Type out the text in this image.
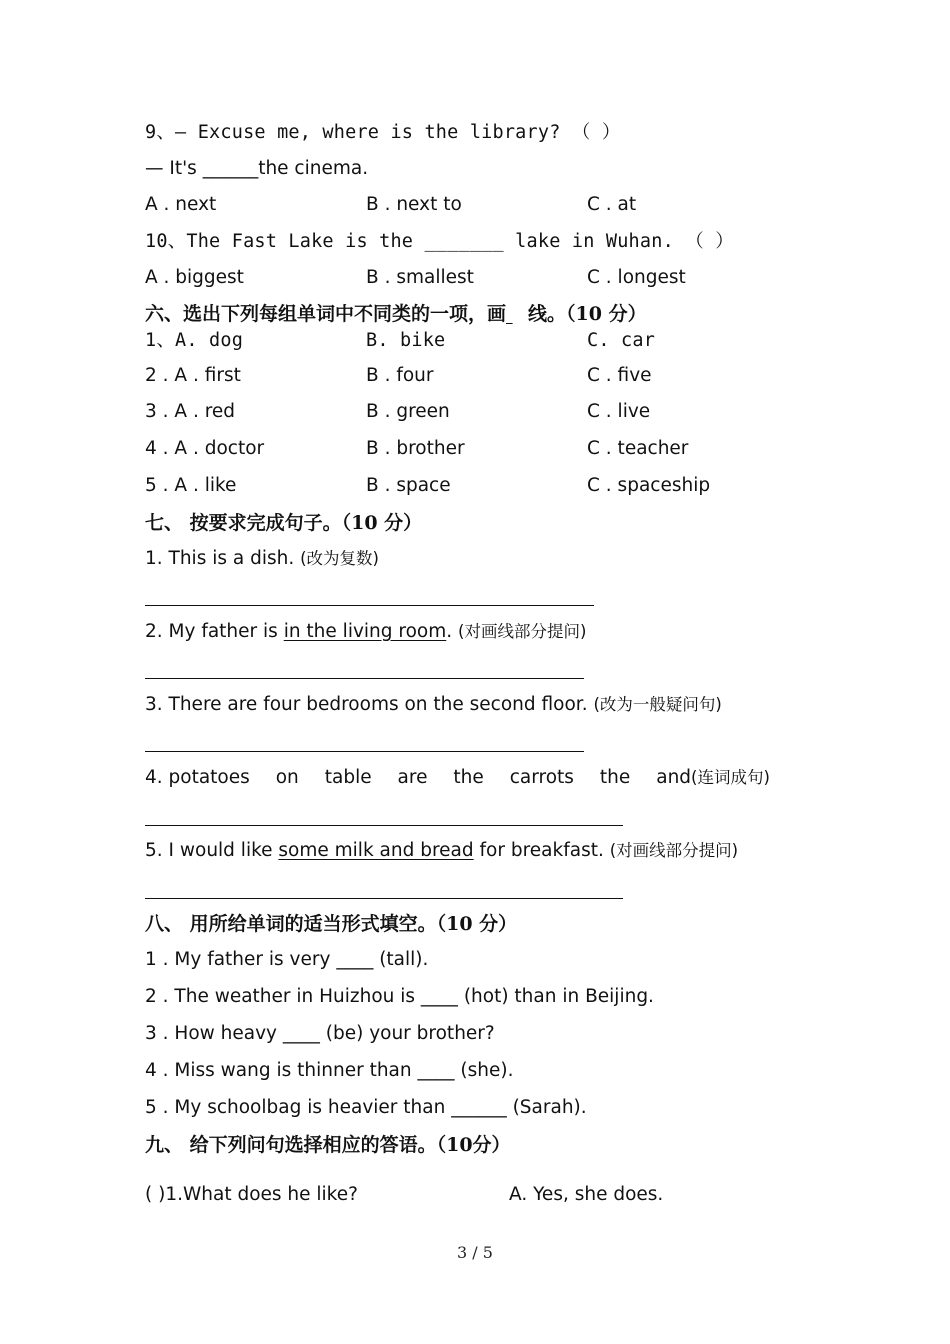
9、— Excuse me, where is the library? （ ）
— It's ______the cinema.
A . next	B . next to	C . at
10、The Fast Lake is the _______ lake in Wuhan. （ ）
A . biggest	B . smallest	C . longest
六、选出下列每组单词中不同类的一项，画 线。（10 分）
1、A. dog	B. bike	C. car
2 . A . first	B . four	C . five
3 . A . red	B . green	C . live
4 . A . doctor	B . brother	C . teacher
5 . A . like	B . space	C . spaceship
七、 按要求完成句子。（10 分）
1. This is a dish. (改为复数)
2. My father is in the living room. (对画线部分提问)
3. There are four bedrooms on the second floor. (改为一般疑问句)
4. potatoes on table are the carrots the and(连词成句)
5. I would like some milk and bread for breakfast. (对画线部分提问)
八、 用所给单词的适当形式填空。（10 分）
1 . My father is very ____ (tall).
2 . The weather in Huizhou is ____ (hot) than in Beijing.
3 . How heavy ____ (be) your brother?
4 . Miss wang is thinner than ____ (she).
5 . My schoolbag is heavier than ______ (Sarah).
九、 给下列问句选择相应的答语。（10分）
( )1.What does he like?	A. Yes, she does.
3 / 5
